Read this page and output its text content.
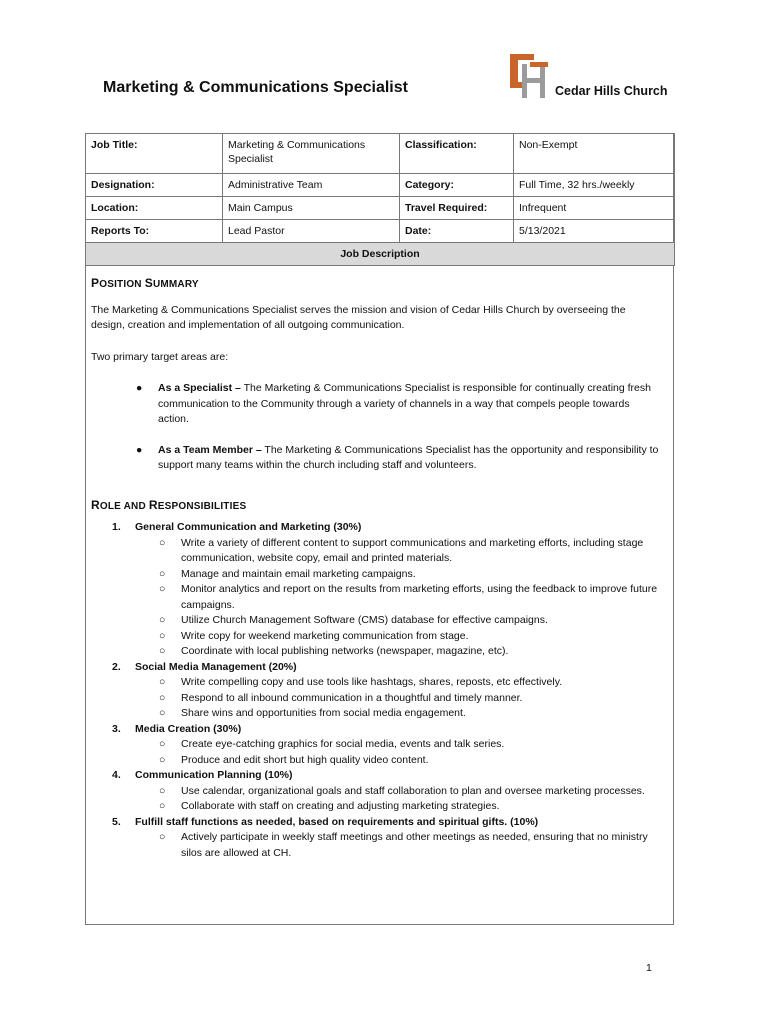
Marketing & Communications Specialist	Cedar Hills Church
Job Title:	Marketing & Communications Specialist	Classification:	Non-Exempt
Designation:	Administrative Team	Category:	Full Time, 32 hrs./weekly
Location:	Main Campus	Travel Required:	Infrequent
Reports To:	Lead Pastor	Date:	5/13/2021
Job Description			
POSITION SUMMARY

The Marketing & Communications Specialist serves the mission and vision of Cedar Hills Church by overseeing the design, creation and implementation of all outgoing communication.

Two primary target areas are:

● As a Specialist – The Marketing & Communications Specialist is responsible for continually creating fresh communication to the Community through a variety of channels in a way that compels people towards action.
● As a Team Member – The Marketing & Communications Specialist has the opportunity and responsibility to support many teams within the church including staff and volunteers.
ROLE AND RESPONSIBILITIES
1. General Communication and Marketing (30%)
○ Write a variety of different content to support communications and marketing efforts, including stage communication, website copy, email and printed materials.
○ Manage and maintain email marketing campaigns.
○ Monitor analytics and report on the results from marketing efforts, using the feedback to improve future campaigns.
○ Utilize Church Management Software (CMS) database for effective campaigns.
○ Write copy for weekend marketing communication from stage.
○ Coordinate with local publishing networks (newspaper, magazine, etc).
2. Social Media Management (20%)
○ Write compelling copy and use tools like hashtags, shares, reposts, etc effectively.
○ Respond to all inbound communication in a thoughtful and timely manner.
○ Share wins and opportunities from social media engagement.
3. Media Creation (30%)
○ Create eye-catching graphics for social media, events and talk series.
○ Produce and edit short but high quality video content.
4. Communication Planning (10%)
○ Use calendar, organizational goals and staff collaboration to plan and oversee marketing processes.
○ Collaborate with staff on creating and adjusting marketing strategies.
5. Fulfill staff functions as needed, based on requirements and spiritual gifts. (10%)
○ Actively participate in weekly staff meetings and other meetings as needed, ensuring that no ministry silos are allowed at CH.
1
